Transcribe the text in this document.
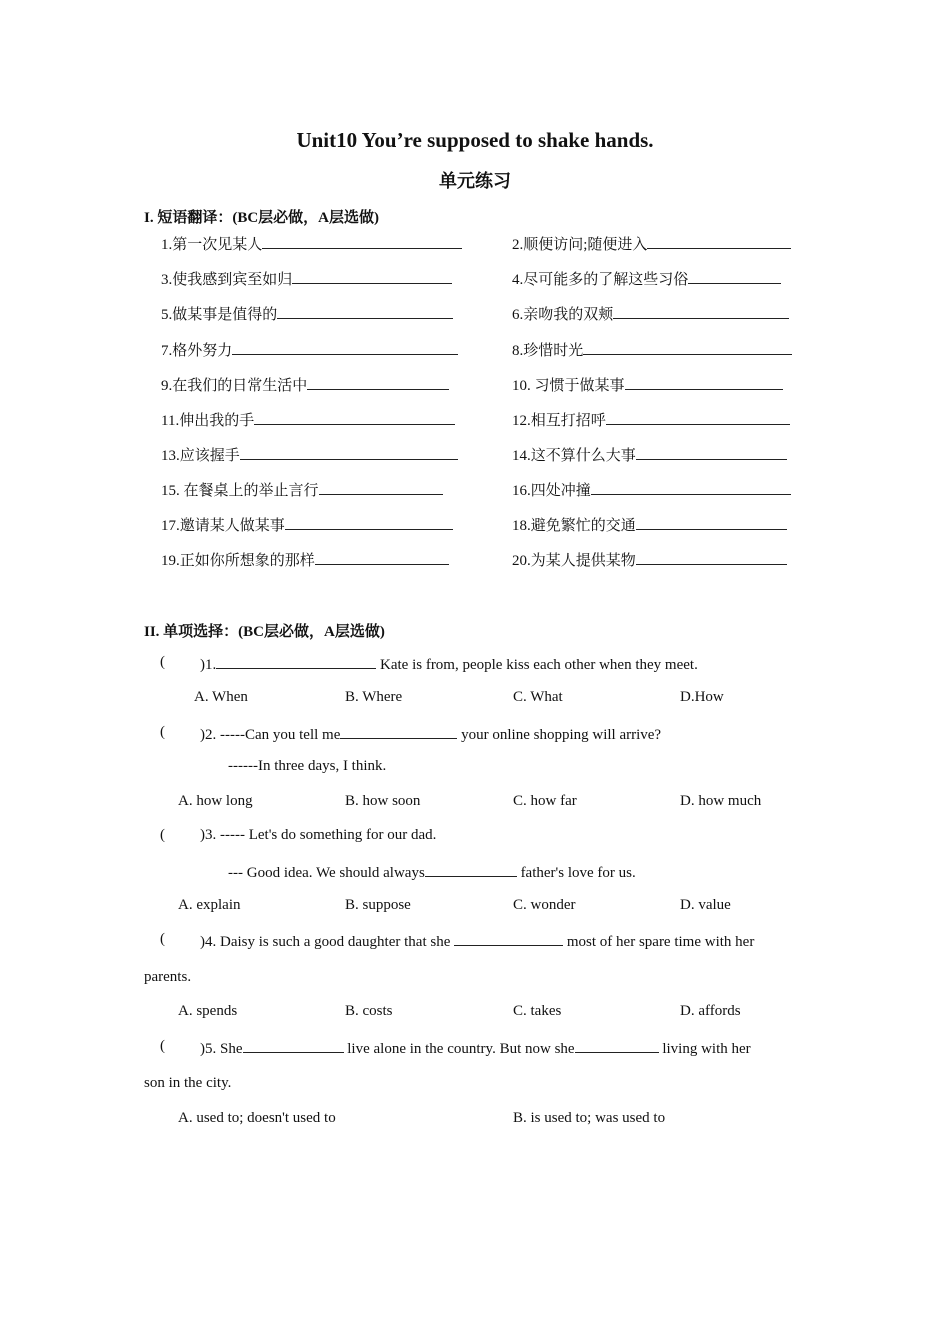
Unit10 You’re supposed to shake hands.
单元练习
I. 短语翻译：(BC层必做，A层选做)
1.第一次见某人	2.顺便访问;随便进入
3.使我感到宾至如归	4.尽可能多的了解这些习俗
5.做某事是值得的	6.亲吻我的双颊
7.格外努力	8.珍惜时光
9.在我们的日常生活中	10. 习惯于做某事
11.伸出我的手	12.相互打招呼
13.应该握手	14.这不算什么大事
15. 在餐桌上的举止言行	16.四处冲撞
17.邀请某人做某事	18.避免繁忙的交通
19.正如你所想象的那样	20.为某人提供某物
II. 单项选择：(BC层必做，A层选做)
( )1.	Kate is from, people kiss each other when they meet.
A. When	B. Where	C. What	D.How
( )2. -----Can you tell me	your online shopping will arrive?
------In three days, I think.
A. how long	B. how soon	C. how far	D. how much
( )3. ----- Let's do something for our dad.
--- Good idea. We should always	father's love for us.
A. explain	B. suppose	C. wonder	D. value
( )4. Daisy is such a good daughter that she	most of her spare time with her
parents.
A. spends	B. costs	C. takes	D. affords
( )5. She	live alone in the country. But now she	living with her
son in the city.
A. used to; doesn't used to	B. is used to; was used to
